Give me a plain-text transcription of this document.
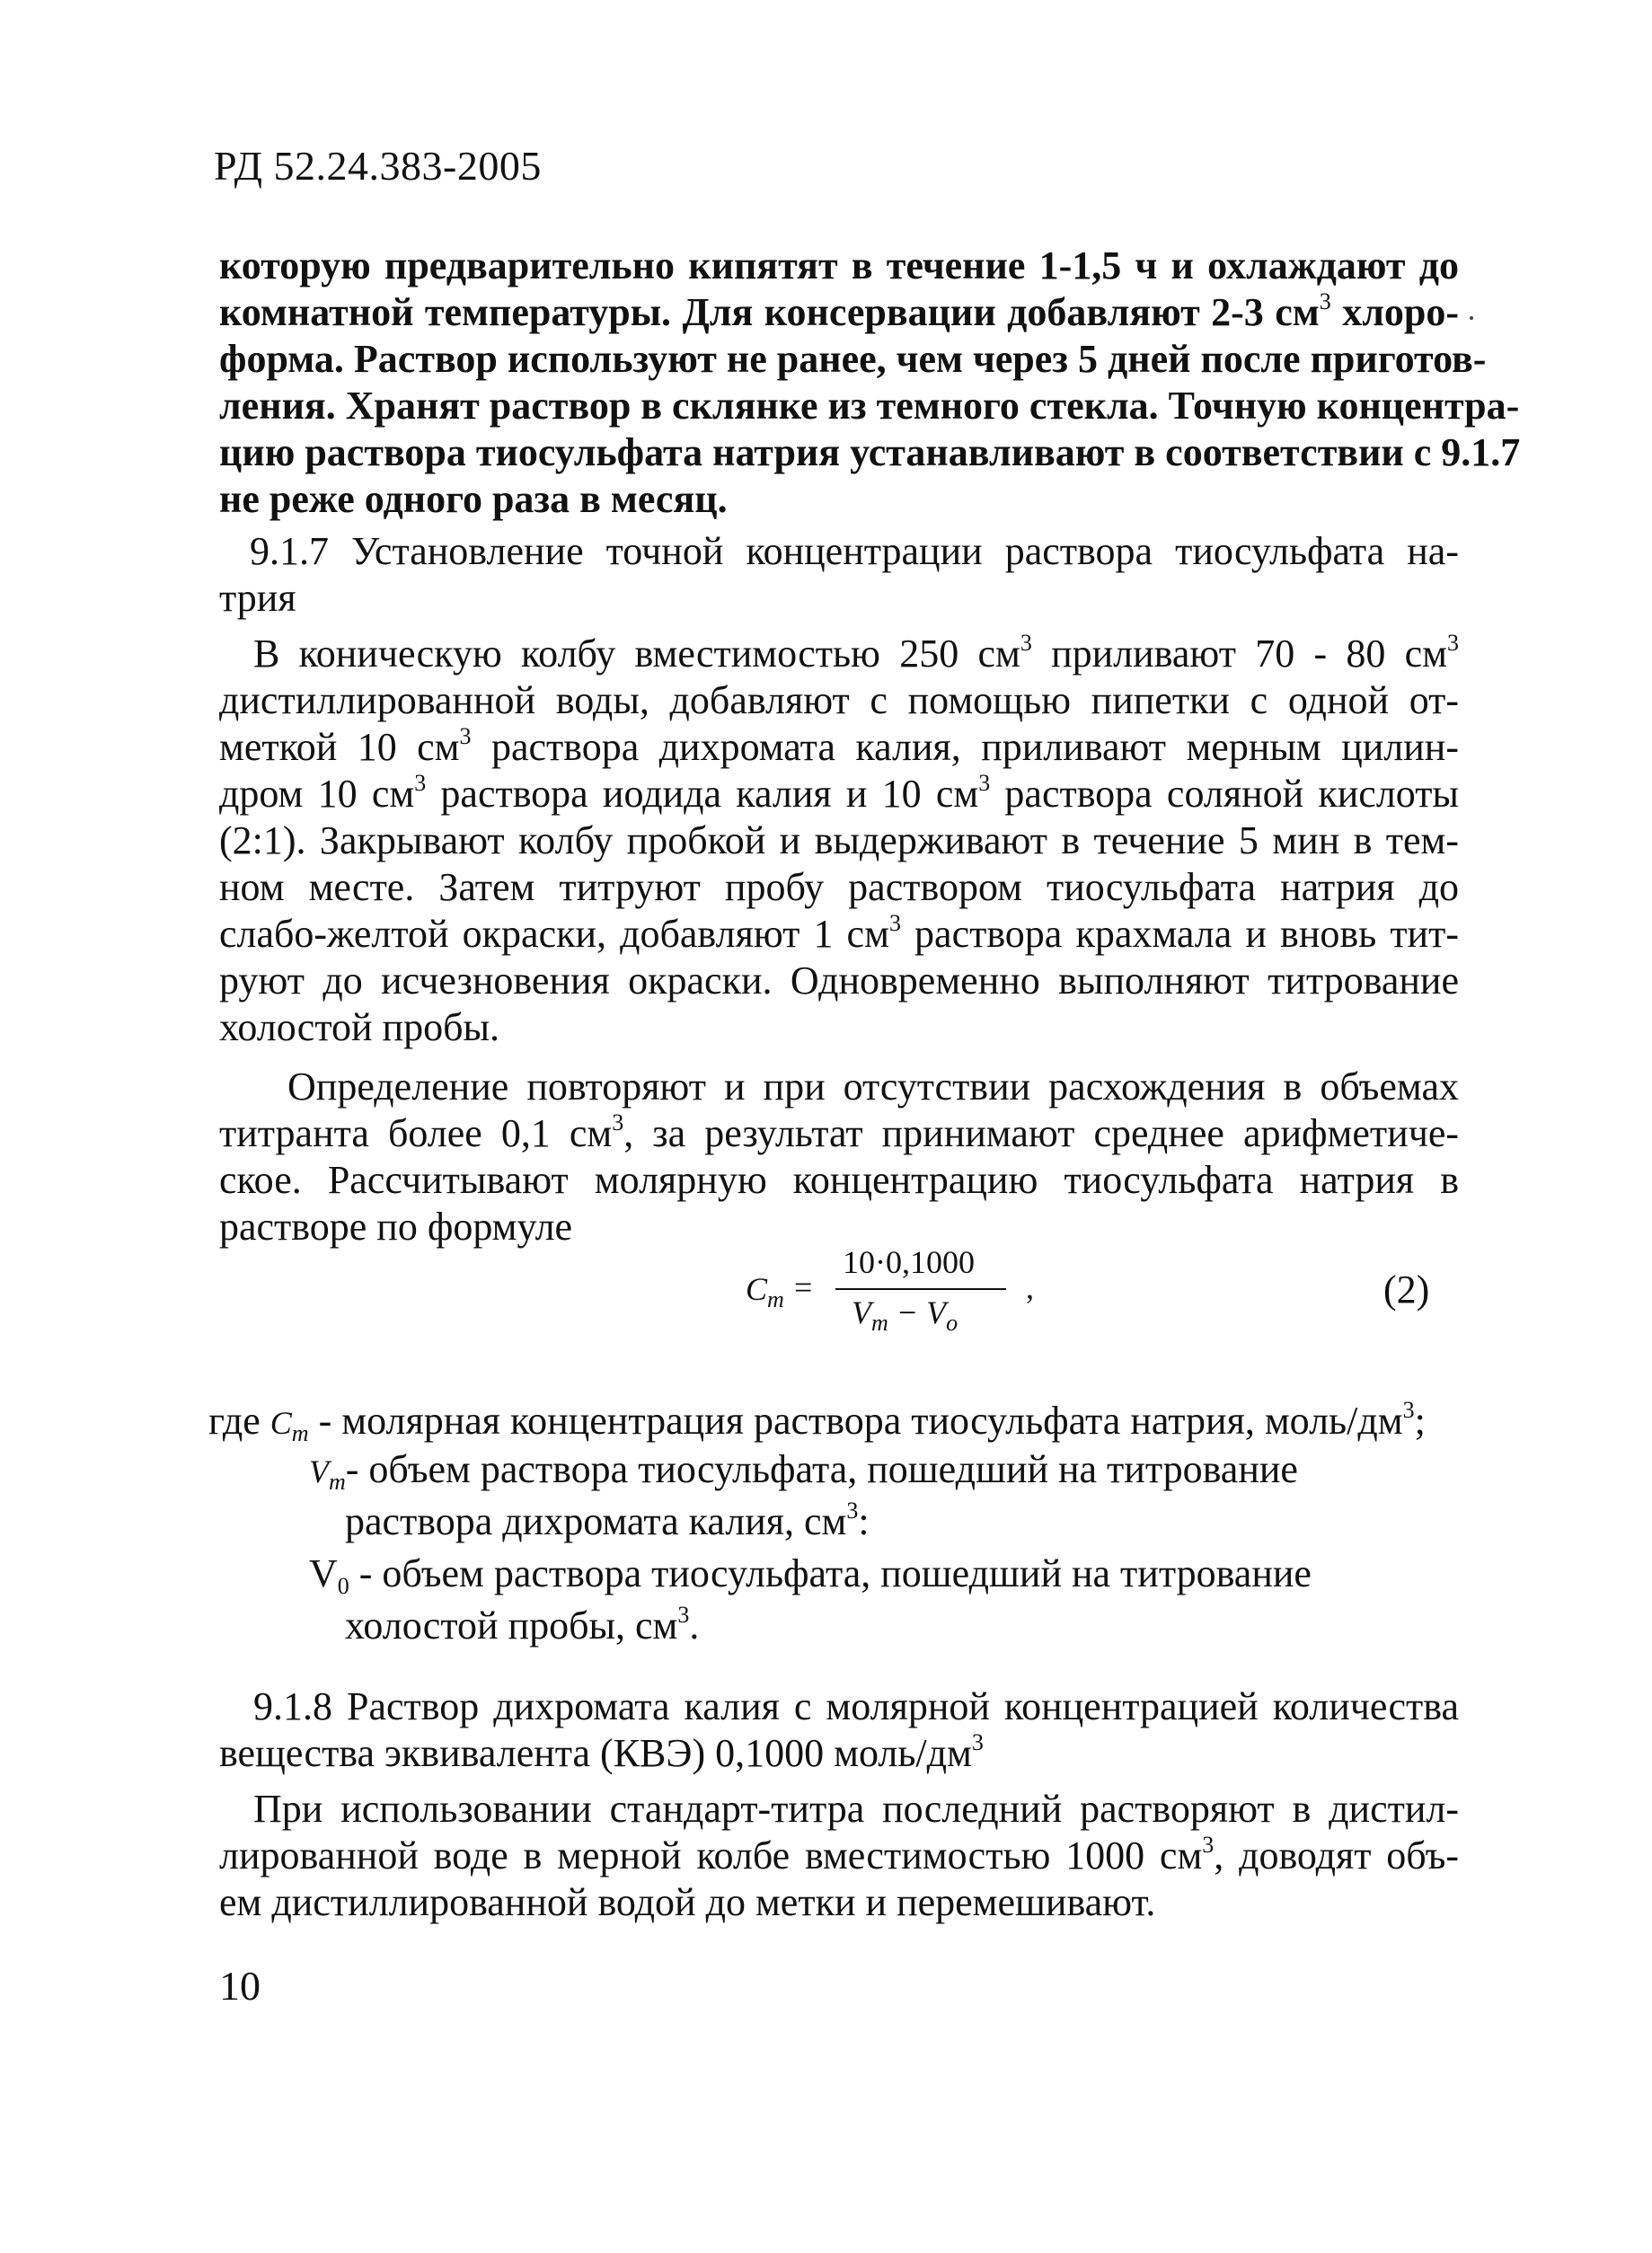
РД 52.24.383-2005
которую предварительно кипятят в течение 1-1,5 ч и охлаждают до
комнатной температуры. Для консервации добавляют 2-3 $см^3$ хлоро-
форма. Раствор используют не ранее, чем через 5 дней после приготов-
ления. Хранят раствор в склянке из темного стекла. Точную концентра-
цию раствора тиосульфата натрия устанавливают в соответствии с 9.1.7
не реже одного раза в месяц.
9.1.7 Установление точной концентрации раствора тиосульфата на-
трия
В коническую колбу вместимостью 250 $см^3$ приливают 70 - 80 $см^3$
дистиллированной воды, добавляют с помощью пипетки с одной от-
меткой 10 $см^3$ раствора дихромата калия, приливают мерным цилин-
дром 10 $см^3$ раствора иодида калия и 10 $см^3$ раствора соляной кислоты
(2:1). Закрывают колбу пробкой и выдерживают в течение 5 мин в тем-
ном месте. Затем титруют пробу раствором тиосульфата натрия до
слабо-желтой окраски, добавляют 1 $см^3$ раствора крахмала и вновь тит-
руют до исчезновения окраски. Одновременно выполняют титрование
холостой пробы.
Определение повторяют и при отсутствии расхождения в объемах
титранта более 0,1 $см^3$, за результат принимают среднее арифметиче-
ское. Рассчитывают молярную концентрацию тиосульфата натрия в
растворе по формуле
$C_т$ =
10·0,1000
$V_т - V_о$
,	(2)
где $C_т$ - молярная концентрация раствора тиосульфата натрия, моль/$дм^3$;
$V_т-$ объем раствора тиосульфата, пошедший на титрование
раствора дихромата калия, $см^3$:
$V_0$ - объем раствора тиосульфата, пошедший на титрование
холостой пробы, $см^3$.
9.1.8 Раствор дихромата калия с молярной концентрацией количества
вещества эквивалента (КВЭ) 0,1000 моль/$дм^3$
При использовании стандарт-титра последний растворяют в дистил-
лированной воде в мерной колбе вместимостью 1000 $см^3$, доводят объ-
ем дистиллированной водой до метки и перемешивают.
10
